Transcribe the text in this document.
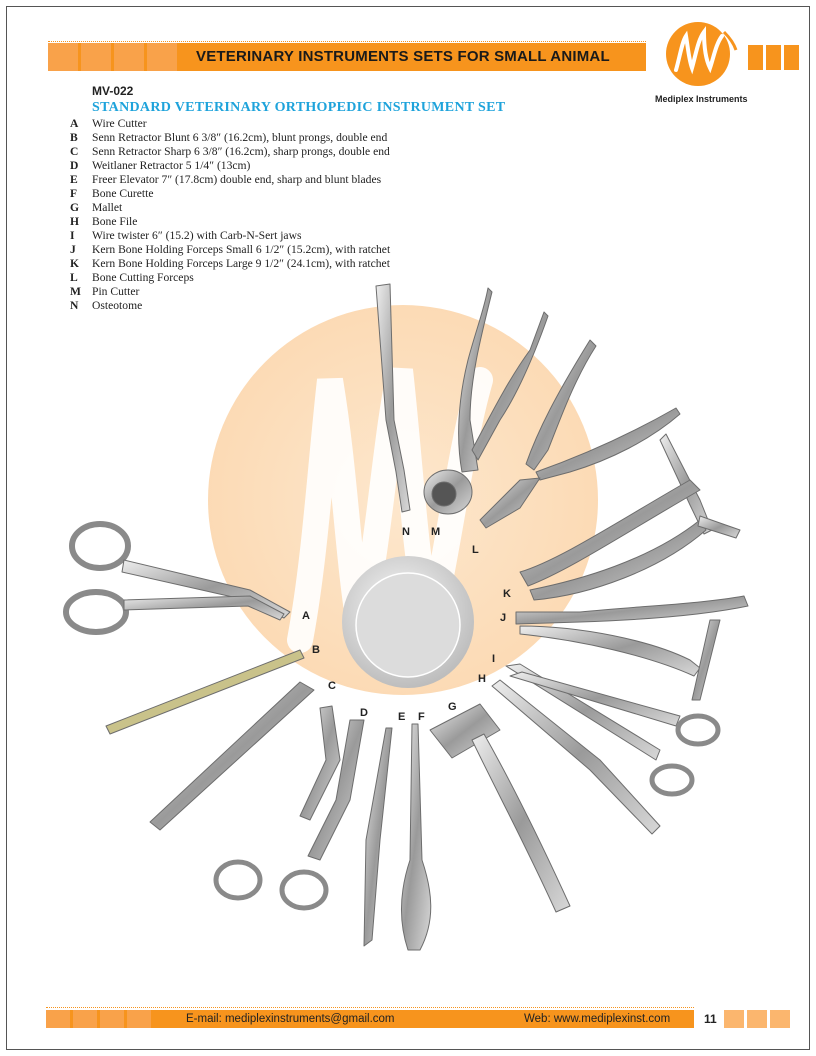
VETERINARY INSTRUMENTS SETS FOR SMALL ANIMAL
Mediplex Instruments
MV-022
STANDARD VETERINARY ORTHOPEDIC INSTRUMENT SET
A Wire Cutter
B Senn Retractor Blunt 6 3/8″ (16.2cm), blunt prongs, double end
C Senn Retractor Sharp 6 3/8″ (16.2cm), sharp prongs, double end
D Weitlaner Retractor 5 1/4″ (13cm)
E Freer Elevator 7″ (17.8cm) double end, sharp and blunt blades
F Bone Curette
G Mallet
H Bone File
I Wire twister 6″ (15.2) with Carb-N-Sert jaws
J Kern Bone Holding Forceps Small 6 1/2″ (15.2cm), with ratchet
K Kern Bone Holding Forceps Large 9 1/2″ (24.1cm), with ratchet
L Bone Cutting Forceps
M Pin Cutter
N Osteotome
A
B
C
D	E F
G
H
I
J
K
L
M
N
E-mail: mediplexinstruments@gmail.com	Web: www.mediplexinst.com	11
